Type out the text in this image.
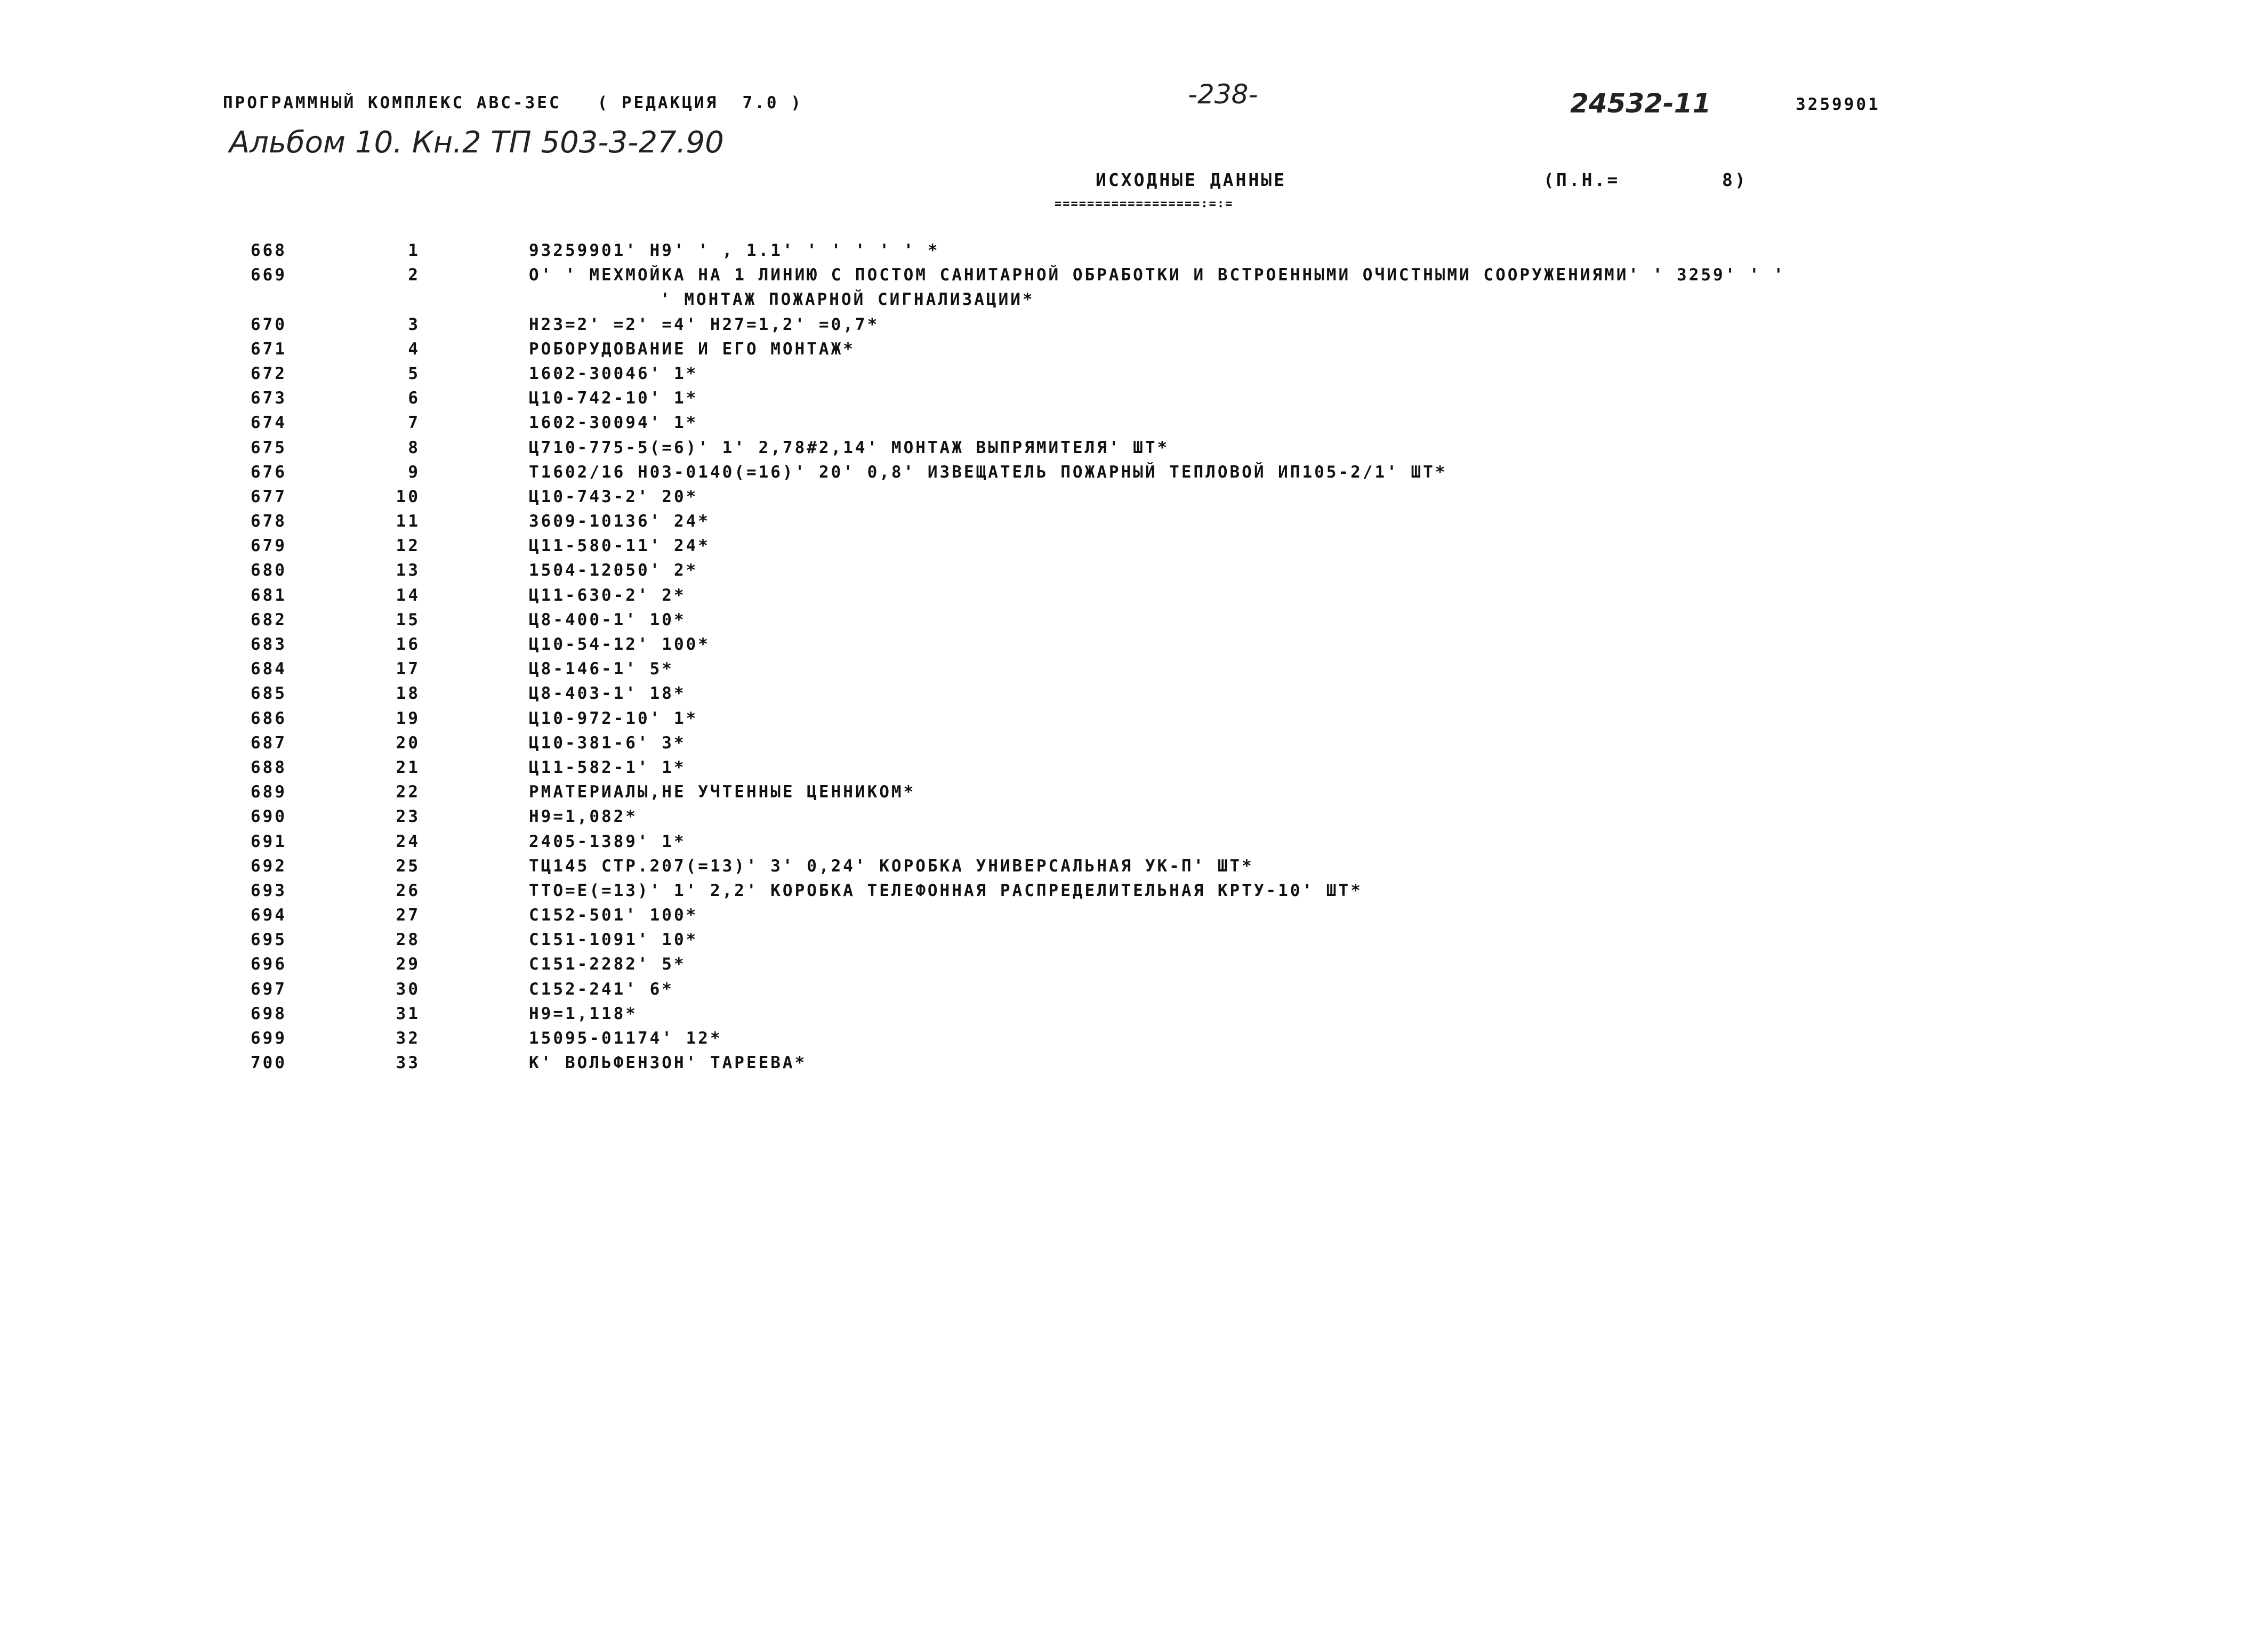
ПРОГРАММНЫЙ КОМПЛЕКС АВС-ЗЕС   ( РЕДАКЦИЯ  7.0 )	-238-	24532-11	3259901
Альбом 10. Кн.2 ТП 503-3-27.90
ИСХОДНЫЕ ДАННЫЕ
==================:=:=
(П.Н.=	8)
668	1	93259901' Н9' ' , 1.1' ' ' ' ' ' *
669	2	О' ' МЕХМОЙКА НА 1 ЛИНИЮ С ПОСТОМ САНИТАРНОЙ ОБРАБОТКИ И ВСТРОЕННЫМИ ОЧИСТНЫМИ СООРУЖЕНИЯМИ' ' 3259' ' '
' МОНТАЖ ПОЖАРНОЙ СИГНАЛИЗАЦИИ*
670	3	Н23=2' =2' =4' Н27=1,2' =0,7*
671	4	РОБОРУДОВАНИЕ И ЕГО МОНТАЖ*
672	5	1602-30046' 1*
673	6	Ц10-742-10' 1*
674	7	1602-30094' 1*
675	8	Ц710-775-5(=6)' 1' 2,78#2,14' МОНТАЖ ВЫПРЯМИТЕЛЯ' ШТ*
676	9	Т1602/16 Н03-0140(=16)' 20' 0,8' ИЗВЕЩАТЕЛЬ ПОЖАРНЫЙ ТЕПЛОВОЙ ИП105-2/1' ШТ*
677	10	Ц10-743-2' 20*
678	11	3609-10136' 24*
679	12	Ц11-580-11' 24*
680	13	1504-12050' 2*
681	14	Ц11-630-2' 2*
682	15	Ц8-400-1' 10*
683	16	Ц10-54-12' 100*
684	17	Ц8-146-1' 5*
685	18	Ц8-403-1' 18*
686	19	Ц10-972-10' 1*
687	20	Ц10-381-6' 3*
688	21	Ц11-582-1' 1*
689	22	РМАТЕРИАЛЫ,НЕ УЧТЕННЫЕ ЦЕННИКОМ*
690	23	Н9=1,082*
691	24	2405-1389' 1*
692	25	ТЦ145 СТР.207(=13)' 3' 0,24' КОРОБКА УНИВЕРСАЛЬНАЯ УК-П' ШТ*
693	26	ТТО=Е(=13)' 1' 2,2' КОРОБКА ТЕЛЕФОННАЯ РАСПРЕДЕЛИТЕЛЬНАЯ КРТУ-10' ШТ*
694	27	С152-501' 100*
695	28	С151-1091' 10*
696	29	С151-2282' 5*
697	30	С152-241' 6*
698	31	Н9=1,118*
699	32	15095-01174' 12*
700	33	К' ВОЛЬФЕНЗОН' ТАРЕЕВА*
